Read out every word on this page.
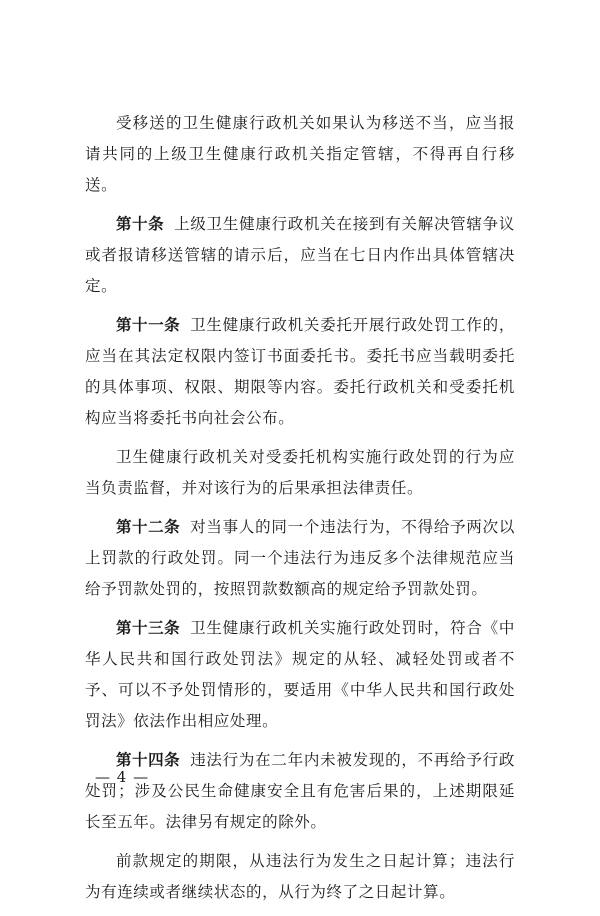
受移送的卫生健康行政机关如果认为移送不当，应当报请共同的上级卫生健康行政机关指定管辖，不得再自行移送。

第十条 上级卫生健康行政机关在接到有关解决管辖争议或者报请移送管辖的请示后，应当在七日内作出具体管辖决定。

第十一条 卫生健康行政机关委托开展行政处罚工作的，应当在其法定权限内签订书面委托书。委托书应当载明委托的具体事项、权限、期限等内容。委托行政机关和受委托机构应当将委托书向社会公布。

卫生健康行政机关对受委托机构实施行政处罚的行为应当负责监督，并对该行为的后果承担法律责任。

第十二条 对当事人的同一个违法行为，不得给予两次以上罚款的行政处罚。同一个违法行为违反多个法律规范应当给予罚款处罚的，按照罚款数额高的规定给予罚款处罚。

第十三条 卫生健康行政机关实施行政处罚时，符合《中华人民共和国行政处罚法》规定的从轻、减轻处罚或者不予、可以不予处罚情形的，要适用《中华人民共和国行政处罚法》依法作出相应处理。

第十四条 违法行为在二年内未被发现的，不再给予行政处罚；涉及公民生命健康安全且有危害后果的，上述期限延长至五年。法律另有规定的除外。

前款规定的期限，从违法行为发生之日起计算；违法行为有连续或者继续状态的，从行为终了之日起计算。

— 4 —
